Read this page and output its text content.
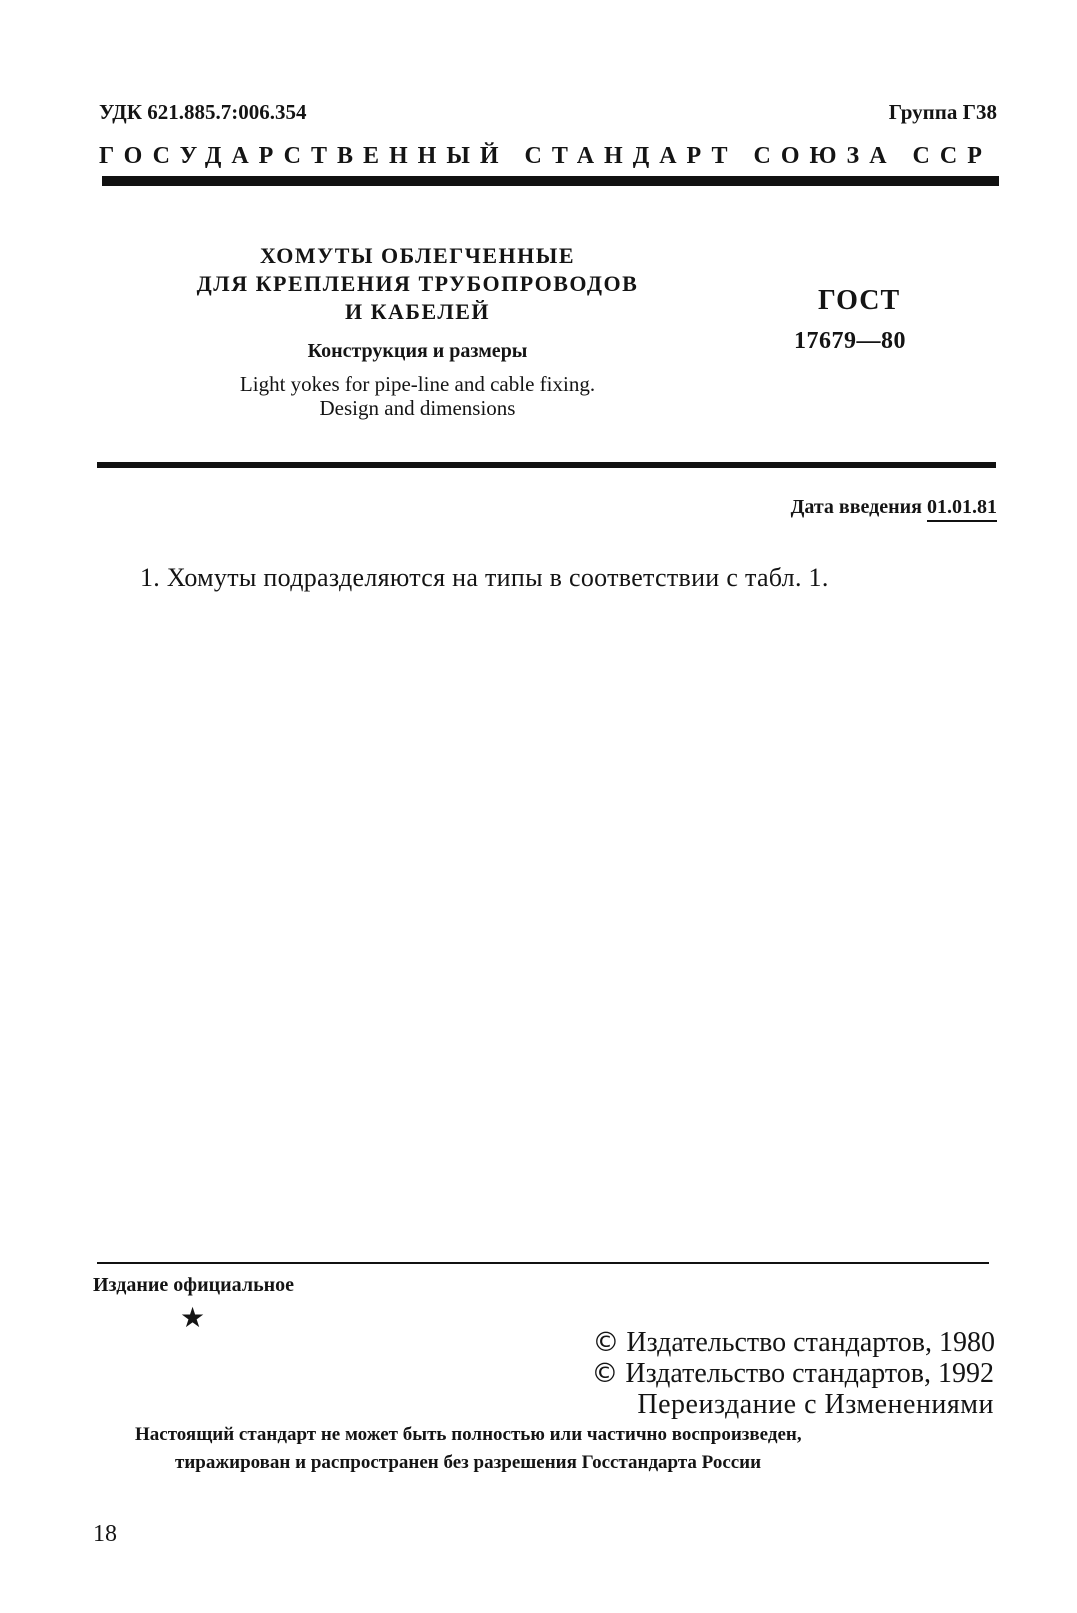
УДК 621.885.7:006.354	Группа Г38
ГОСУДАРСТВЕННЫЙ СТАНДАРТ СОЮЗА ССР
ХОМУТЫ ОБЛЕГЧЕННЫЕ
ДЛЯ КРЕПЛЕНИЯ ТРУБОПРОВОДОВ
И КАБЕЛЕЙ
Конструкция и размеры
Light yokes for pipe-line and cable fixing.
Design and dimensions
ГОСТ
17679—80
Дата введения 01.01.81
1. Хомуты подразделяются на типы в соответствии с табл. 1.
Издание официальное
★
© Издательство стандартов, 1980
© Издательство стандартов, 1992
Переиздание с Изменениями
Настоящий стандарт не может быть полностью или частично воспроизведен,
тиражирован и распространен без разрешения Госстандарта России
18
